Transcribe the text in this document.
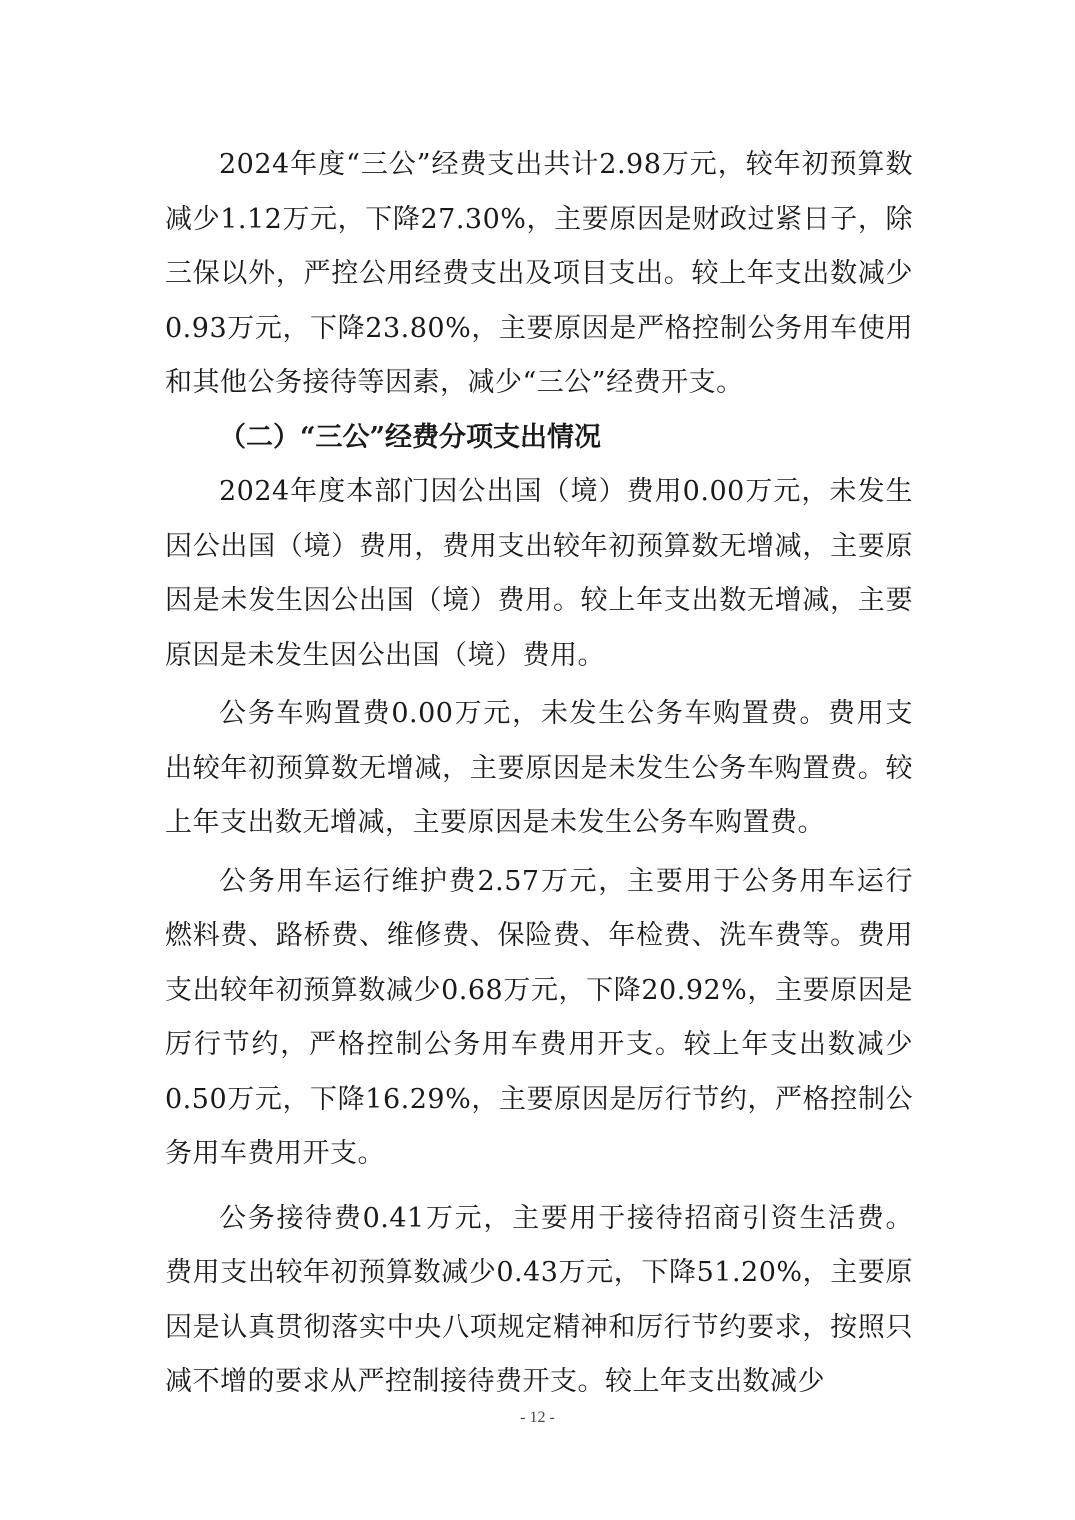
2024年度“三公”经费支出共计2.98万元，较年初预算数减少1.12万元，下降27.30%，主要原因是财政过紧日子，除三保以外，严控公用经费支出及项目支出。较上年支出数减少0.93万元，下降23.80%，主要原因是严格控制公务用车使用和其他公务接待等因素，减少“三公”经费开支。

（二）“三公”经费分项支出情况

2024年度本部门因公出国（境）费用0.00万元，未发生因公出国（境）费用，费用支出较年初预算数无增减，主要原因是未发生因公出国（境）费用。较上年支出数无增减，主要原因是未发生因公出国（境）费用。

公务车购置费0.00万元，未发生公务车购置费。费用支出较年初预算数无增减，主要原因是未发生公务车购置费。较上年支出数无增减，主要原因是未发生公务车购置费。

公务用车运行维护费2.57万元，主要用于公务用车运行燃料费、路桥费、维修费、保险费、年检费、洗车费等。费用支出较年初预算数减少0.68万元，下降20.92%，主要原因是厉行节约，严格控制公务用车费用开支。较上年支出数减少0.50万元，下降16.29%，主要原因是厉行节约，严格控制公务用车费用开支。

公务接待费0.41万元，主要用于接待招商引资生活费。费用支出较年初预算数减少0.43万元，下降51.20%，主要原因是认真贯彻落实中央八项规定精神和厉行节约要求，按照只减不增的要求从严控制接待费开支。较上年支出数减少

- 12 -
